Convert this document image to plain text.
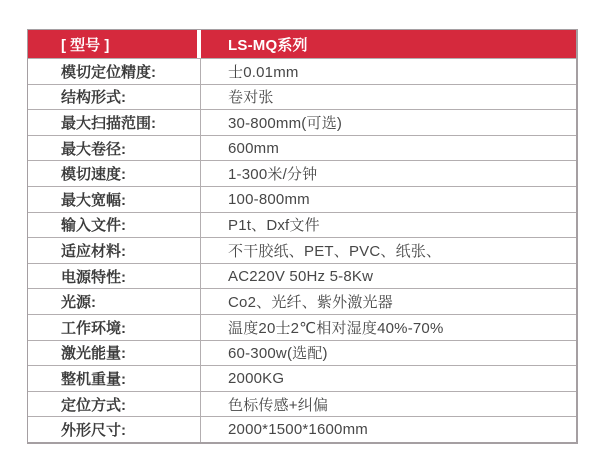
[ 型号 ]	LS-MQ系列
模切定位精度:	士0.01mm
结构形式:	卷对张
最大扫描范围:	30-800mm(可选)
最大卷径:	600mm
模切速度:	1-300米/分钟
最大宽幅:	100-800mm
输入文件:	P1t、Dxf文件
适应材料:	不干胶纸、PET、PVC、纸张、
电源特性:	AC220V 50Hz 5-8Kw
光源:	Co2、光纤、紫外激光器
工作环境:	温度20士2℃相对湿度40%-70%
激光能量:	60-300w(选配)
整机重量:	2000KG
定位方式:	色标传感+纠偏
外形尺寸:	2000*1500*1600mm
